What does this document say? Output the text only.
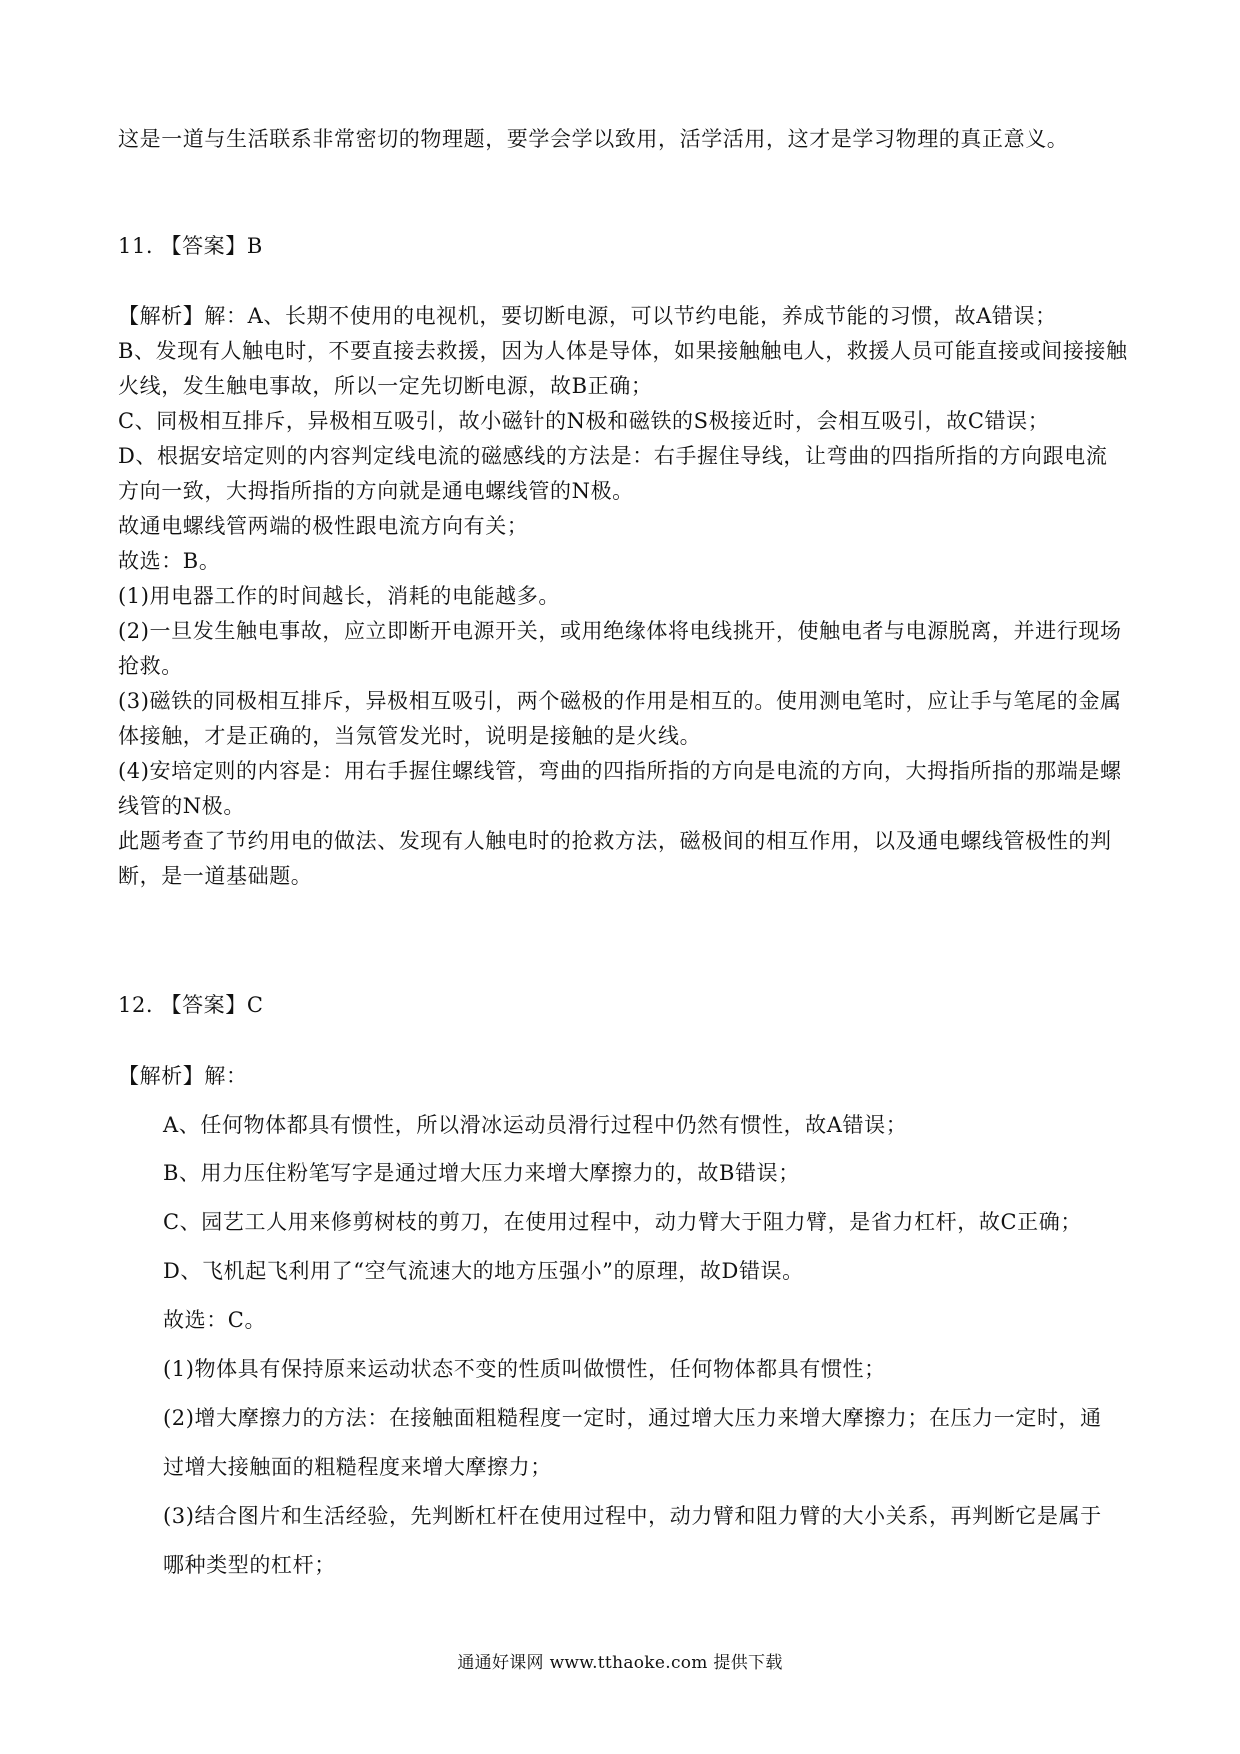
这是一道与生活联系非常密切的物理题，要学会学以致用，活学活用，这才是学习物理的真正意义。
11. 【答案】B
【解析】解：A、长期不使用的电视机，要切断电源，可以节约电能，养成节能的习惯，故A错误；
B、发现有人触电时，不要直接去救援，因为人体是导体，如果接触触电人，救援人员可能直接或间接接触
火线，发生触电事故，所以一定先切断电源，故B正确；
C、同极相互排斥，异极相互吸引，故小磁针的N极和磁铁的S极接近时，会相互吸引，故C错误；
D、根据安培定则的内容判定线电流的磁感线的方法是：右手握住导线，让弯曲的四指所指的方向跟电流
方向一致，大拇指所指的方向就是通电螺线管的N极。
故通电螺线管两端的极性跟电流方向有关；
故选：B。
(1)用电器工作的时间越长，消耗的电能越多。
(2)一旦发生触电事故，应立即断开电源开关，或用绝缘体将电线挑开，使触电者与电源脱离，并进行现场
抢救。
(3)磁铁的同极相互排斥，异极相互吸引，两个磁极的作用是相互的。使用测电笔时，应让手与笔尾的金属
体接触，才是正确的，当氖管发光时，说明是接触的是火线。
(4)安培定则的内容是：用右手握住螺线管，弯曲的四指所指的方向是电流的方向，大拇指所指的那端是螺
线管的N极。
此题考查了节约用电的做法、发现有人触电时的抢救方法，磁极间的相互作用，以及通电螺线管极性的判
断，是一道基础题。
12. 【答案】C
【解析】解：
A、任何物体都具有惯性，所以滑冰运动员滑行过程中仍然有惯性，故A错误；
B、用力压住粉笔写字是通过增大压力来增大摩擦力的，故B错误；
C、园艺工人用来修剪树枝的剪刀，在使用过程中，动力臂大于阻力臂，是省力杠杆，故C正确；
D、飞机起飞利用了“空气流速大的地方压强小”的原理，故D错误。
故选：C。
(1)物体具有保持原来运动状态不变的性质叫做惯性，任何物体都具有惯性；
(2)增大摩擦力的方法：在接触面粗糙程度一定时，通过增大压力来增大摩擦力；在压力一定时，通
过增大接触面的粗糙程度来增大摩擦力；
(3)结合图片和生活经验，先判断杠杆在使用过程中，动力臂和阻力臂的大小关系，再判断它是属于
哪种类型的杠杆；
通通好课网 www.tthaoke.com 提供下载
